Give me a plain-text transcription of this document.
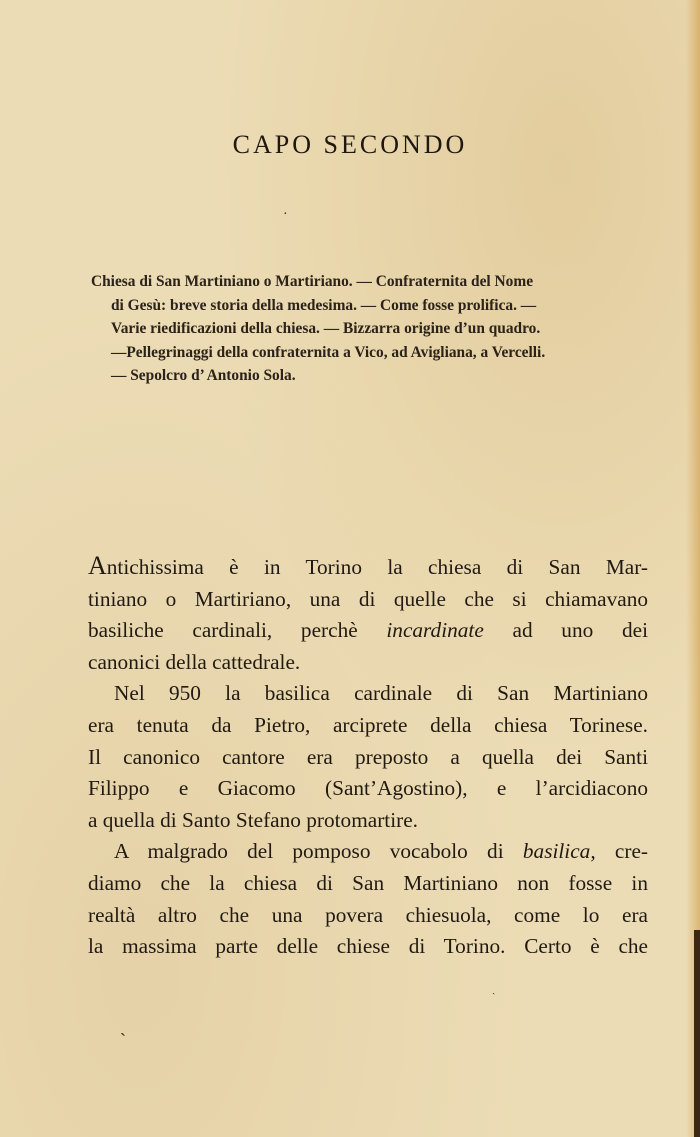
CAPO SECONDO
Chiesa di San Martiniano o Martiriano. — Confraternita del Nome
di Gesù: breve storia della medesima. — Come fosse prolifica. —
Varie riedificazioni della chiesa. — Bizzarra origine d’un quadro.
—Pellegrinaggi della confraternita a Vico, ad Avigliana, a Vercelli.
— Sepolcro d’ Antonio Sola.
Antichissima è in Torino la chiesa di San Mar-
tiniano o Martiriano, una di quelle che si chiamavano
basiliche cardinali, perchè incardinate ad uno dei
canonici della cattedrale.
Nel 950 la basilica cardinale di San Martiniano
era tenuta da Pietro, arciprete della chiesa Torinese.
Il canonico cantore era preposto a quella dei Santi
Filippo e Giacomo (Sant’Agostino), e l’arcidiacono
a quella di Santo Stefano protomartire.
A malgrado del pomposo vocabolo di basilica, cre-
diamo che la chiesa di San Martiniano non fosse in
realtà altro che una povera chiesuola, come lo era
la massima parte delle chiese di Torino. Certo è che
·
ˏ
ˏ
